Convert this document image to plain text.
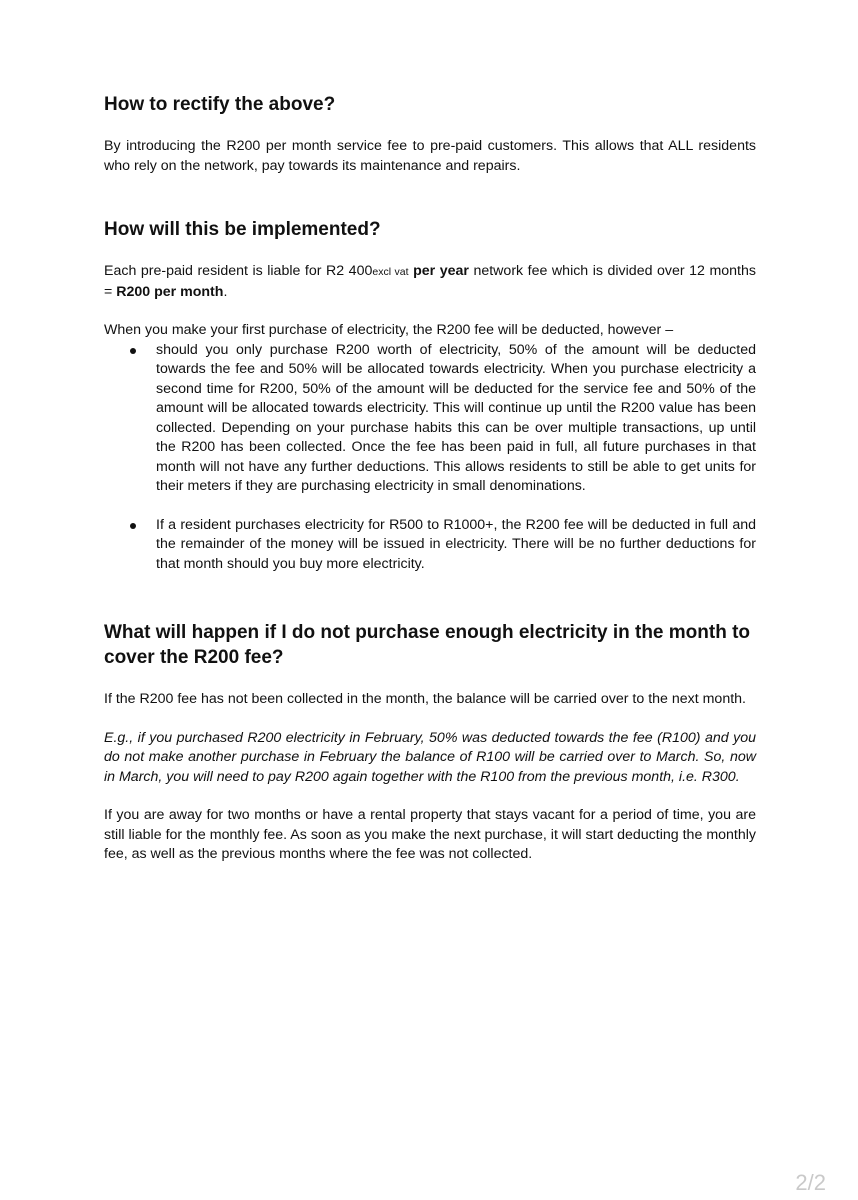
How to rectify the above?

By introducing the R200 per month service fee to pre-paid customers. This allows that ALL residents who rely on the network, pay towards its maintenance and repairs.

How will this be implemented?

Each pre-paid resident is liable for R2 400excl vat per year network fee which is divided over 12 months = R200 per month.

When you make your first purchase of electricity, the R200 fee will be deducted, however –

should you only purchase R200 worth of electricity, 50% of the amount will be deducted towards the fee and 50% will be allocated towards electricity. When you purchase electricity a second time for R200, 50% of the amount will be deducted for the service fee and 50% of the amount will be allocated towards electricity. This will continue up until the R200 value has been collected. Depending on your purchase habits this can be over multiple transactions, up until the R200 has been collected. Once the fee has been paid in full, all future purchases in that month will not have any further deductions. This allows residents to still be able to get units for their meters if they are purchasing electricity in small denominations.
If a resident purchases electricity for R500 to R1000+, the R200 fee will be deducted in full and the remainder of the money will be issued in electricity. There will be no further deductions for that month should you buy more electricity.
What will happen if I do not purchase enough electricity in the month to cover the R200 fee?

If the R200 fee has not been collected in the month, the balance will be carried over to the next month.

E.g., if you purchased R200 electricity in February, 50% was deducted towards the fee (R100) and you do not make another purchase in February the balance of R100 will be carried over to March. So, now in March, you will need to pay R200 again together with the R100 from the previous month, i.e. R300.

If you are away for two months or have a rental property that stays vacant for a period of time, you are still liable for the monthly fee. As soon as you make the next purchase, it will start deducting the monthly fee, as well as the previous months where the fee was not collected.

2/2
